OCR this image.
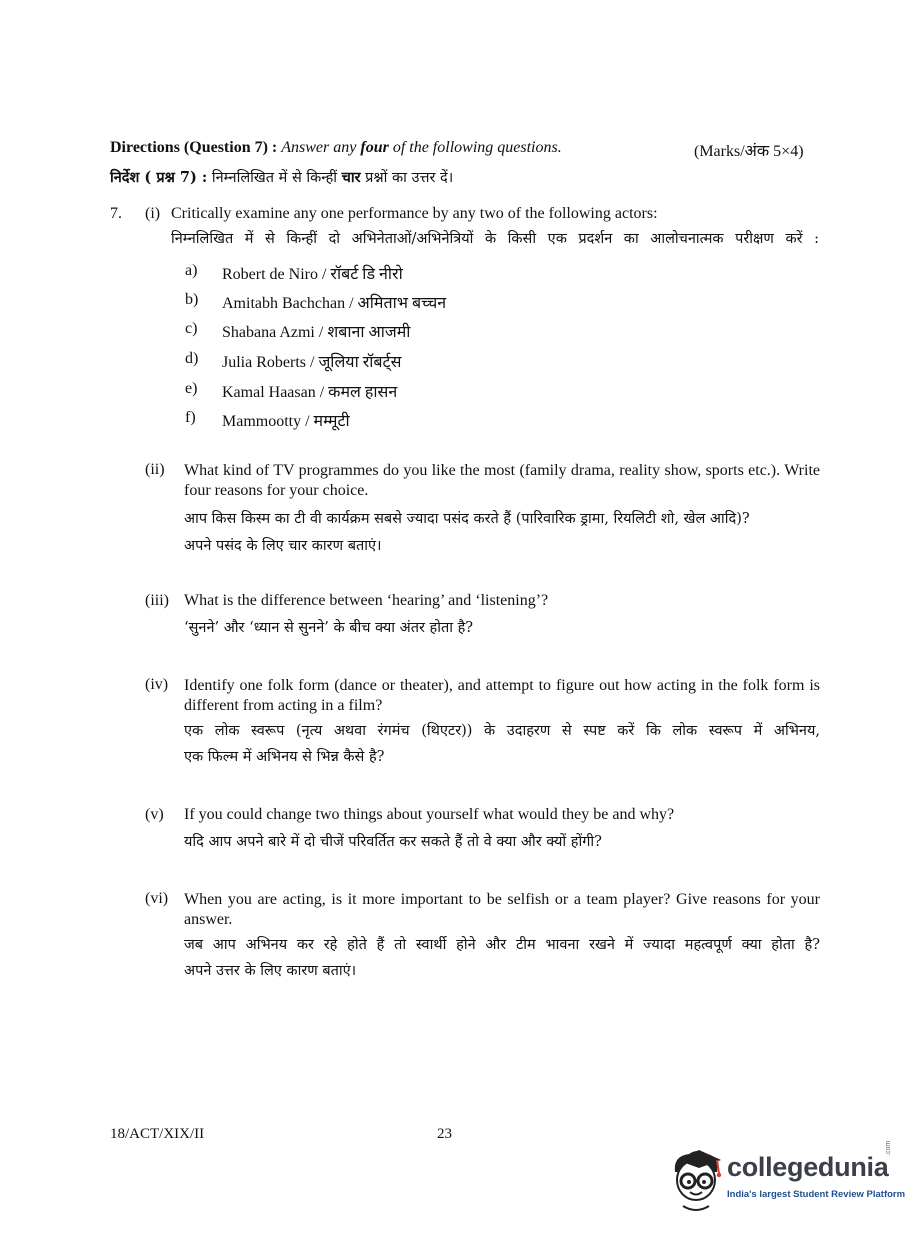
Directions (Question 7) : Answer any four of the following questions.	(Marks/अंक 5×4)
निर्देश ( प्रश्न 7) : निम्नलिखित में से किन्हीं चार प्रश्नों का उत्तर दें।
7. (i) Critically examine any one performance by any two of the following actors:
निम्नलिखित में से किन्हीं दो अभिनेताओं/अभिनेत्रियों के किसी एक प्रदर्शन का आलोचनात्मक परीक्षण करें :
a) Robert de Niro / रॉबर्ट डि नीरो
b) Amitabh Bachchan / अमिताभ बच्चन
c) Shabana Azmi / शबाना आजमी
d) Julia Roberts / जूलिया रॉबर्ट्स
e) Kamal Haasan / कमल हासन
f) Mammootty / मम्मूटी
(ii) What kind of TV programmes do you like the most (family drama, reality show, sports etc.). Write four reasons for your choice.
आप किस किस्म का टी वी कार्यक्रम सबसे ज्यादा पसंद करते हैं (पारिवारिक ड्रामा, रियलिटी शो, खेल आदि)?
अपने पसंद के लिए चार कारण बताएं।
(iii) What is the difference between ‘hearing’ and ‘listening’?
‘सुनने’ और ‘ध्यान से सुनने’ के बीच क्या अंतर होता है?
(iv) Identify one folk form (dance or theater), and attempt to figure out how acting in the folk form is different from acting in a film?
एक लोक स्वरूप (नृत्य अथवा रंगमंच (थिएटर)) के उदाहरण से स्पष्ट करें कि लोक स्वरूप में अभिनय,
एक फिल्म में अभिनय से भिन्न कैसे है?
(v) If you could change two things about yourself what would they be and why?
यदि आप अपने बारे में दो चीजें परिवर्तित कर सकते हैं तो वे क्या और क्यों होंगी?
(vi) When you are acting, is it more important to be selfish or a team player? Give reasons for your answer.
जब आप अभिनय कर रहे होते हैं तो स्वार्थी होने और टीम भावना रखने में ज्यादा महत्वपूर्ण क्या होता है?
अपने उत्तर के लिए कारण बताएं।
18/ACT/XIX/II	23
collegedunia
.com
India's largest Student Review Platform
